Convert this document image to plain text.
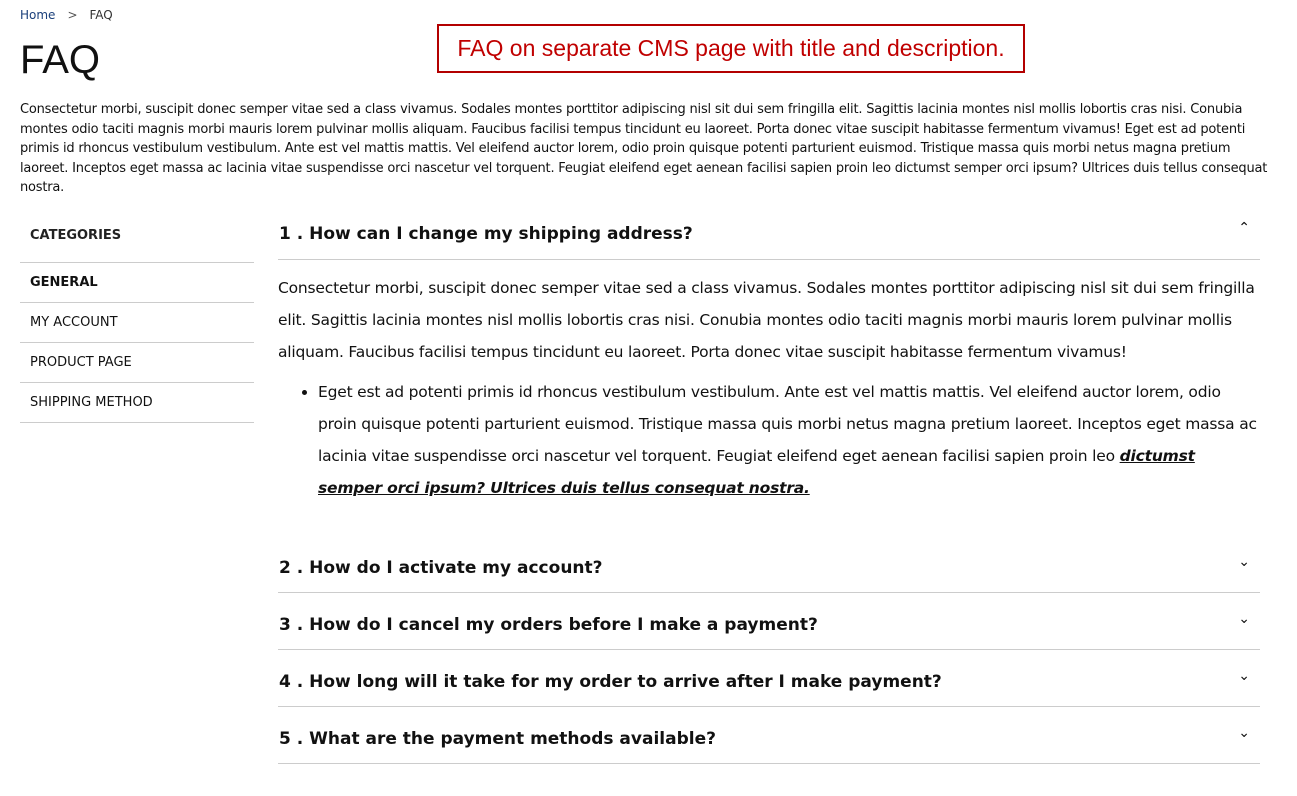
Home > FAQ
FAQ	FAQ on separate CMS page with title and description.

Consectetur morbi, suscipit donec semper vitae sed a class vivamus. Sodales montes porttitor adipiscing nisl sit dui sem fringilla elit. Sagittis lacinia montes nisl mollis lobortis cras nisi. Conubia montes odio taciti magnis morbi mauris lorem pulvinar mollis aliquam. Faucibus facilisi tempus tincidunt eu laoreet. Porta donec vitae suscipit habitasse fermentum vivamus! Eget est ad potenti primis id rhoncus vestibulum vestibulum. Ante est vel mattis mattis. Vel eleifend auctor lorem, odio proin quisque potenti parturient euismod. Tristique massa quis morbi netus magna pretium laoreet. Inceptos eget massa ac lacinia vitae suspendisse orci nascetur vel torquent. Feugiat eleifend eget aenean facilisi sapien proin leo dictumst semper orci ipsum? Ultrices duis tellus consequat nostra.

CATEGORIES
GENERAL
MY ACCOUNT
PRODUCT PAGE
SHIPPING METHOD
1 . How can I change my shipping address?	⌃

Consectetur morbi, suscipit donec semper vitae sed a class vivamus. Sodales montes porttitor adipiscing nisl sit dui sem fringilla elit. Sagittis lacinia montes nisl mollis lobortis cras nisi. Conubia montes odio taciti magnis morbi mauris lorem pulvinar mollis aliquam. Faucibus facilisi tempus tincidunt eu laoreet. Porta donec vitae suscipit habitasse fermentum vivamus!

• Eget est ad potenti primis id rhoncus vestibulum vestibulum. Ante est vel mattis mattis. Vel eleifend auctor lorem, odio proin quisque potenti parturient euismod. Tristique massa quis morbi netus magna pretium laoreet. Inceptos eget massa ac lacinia vitae suspendisse orci nascetur vel torquent. Feugiat eleifend eget aenean facilisi sapien proin leo dictumst semper orci ipsum? Ultrices duis tellus consequat nostra.
2 . How do I activate my account?	⌄
3 . How do I cancel my orders before I make a payment?	⌄
4 . How long will it take for my order to arrive after I make payment?	⌄
5 . What are the payment methods available?	⌄
